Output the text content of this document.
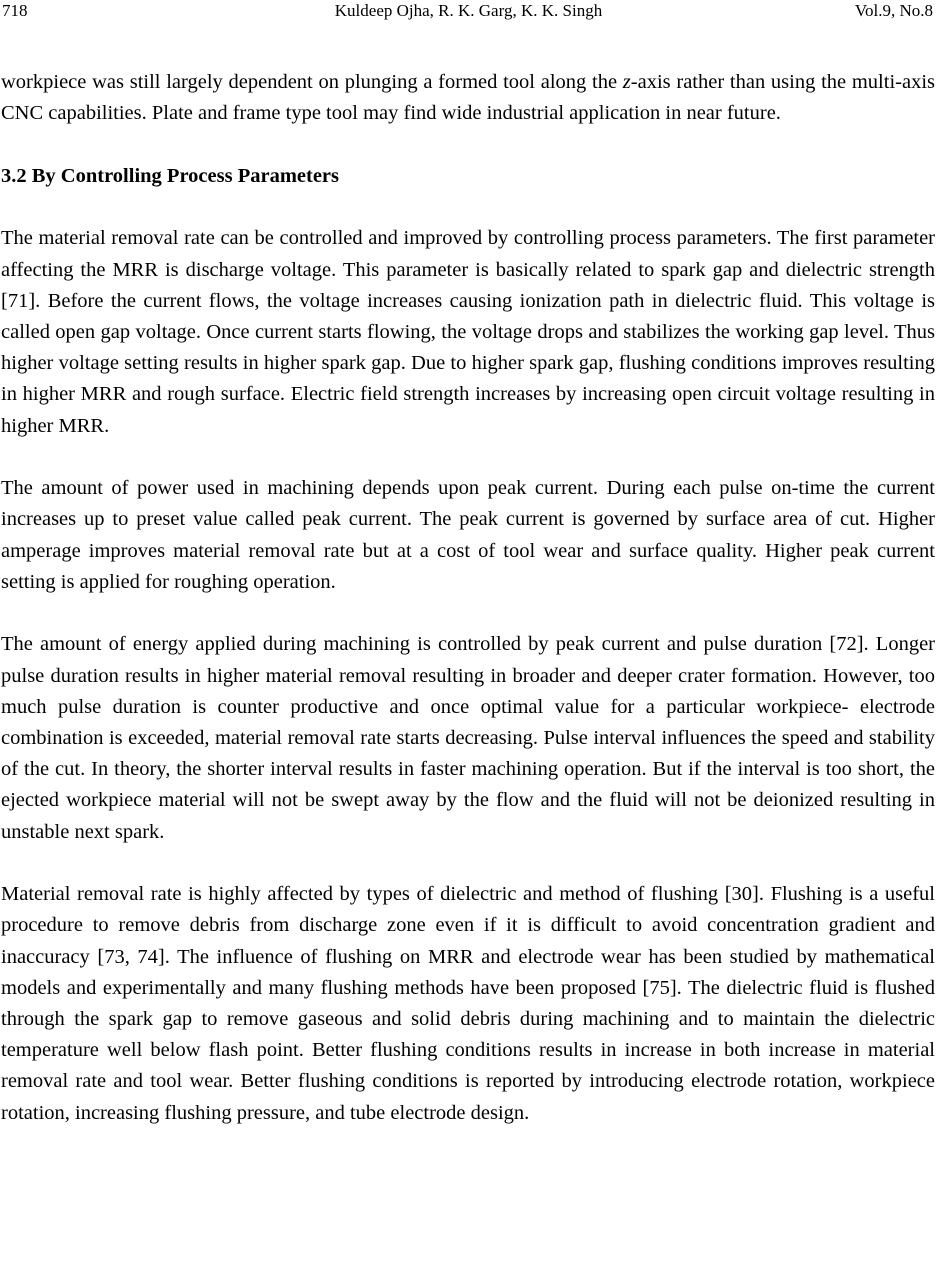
718	Kuldeep Ojha, R. K. Garg, K. K. Singh	Vol.9, No.8

workpiece was still largely dependent on plunging a formed tool along the z-axis rather than using the multi-axis CNC capabilities. Plate and frame type tool may find wide industrial application in near future.

3.2 By Controlling Process Parameters

The material removal rate can be controlled and improved by controlling process parameters. The first parameter affecting the MRR is discharge voltage. This parameter is basically related to spark gap and dielectric strength [71]. Before the current flows, the voltage increases causing ionization path in dielectric fluid. This voltage is called open gap voltage. Once current starts flowing, the voltage drops and stabilizes the working gap level. Thus higher voltage setting results in higher spark gap. Due to higher spark gap, flushing conditions improves resulting in higher MRR and rough surface. Electric field strength increases by increasing open circuit voltage resulting in higher MRR.

The amount of power used in machining depends upon peak current. During each pulse on-time the current increases up to preset value called peak current. The peak current is governed by surface area of cut. Higher amperage improves material removal rate but at a cost of tool wear and surface quality. Higher peak current setting is applied for roughing operation.

The amount of energy applied during machining is controlled by peak current and pulse duration [72]. Longer pulse duration results in higher material removal resulting in broader and deeper crater formation. However, too much pulse duration is counter productive and once optimal value for a particular workpiece- electrode combination is exceeded, material removal rate starts decreasing. Pulse interval influences the speed and stability of the cut. In theory, the shorter interval results in faster machining operation. But if the interval is too short, the ejected workpiece material will not be swept away by the flow and the fluid will not be deionized resulting in unstable next spark.

Material removal rate is highly affected by types of dielectric and method of flushing [30]. Flushing is a useful procedure to remove debris from discharge zone even if it is difficult to avoid concentration gradient and inaccuracy [73, 74]. The influence of flushing on MRR and electrode wear has been studied by mathematical models and experimentally and many flushing methods have been proposed [75]. The dielectric fluid is flushed through the spark gap to remove gaseous and solid debris during machining and to maintain the dielectric temperature well below flash point. Better flushing conditions results in increase in both increase in material removal rate and tool wear. Better flushing conditions is reported by introducing electrode rotation, workpiece rotation, increasing flushing pressure, and tube electrode design.
